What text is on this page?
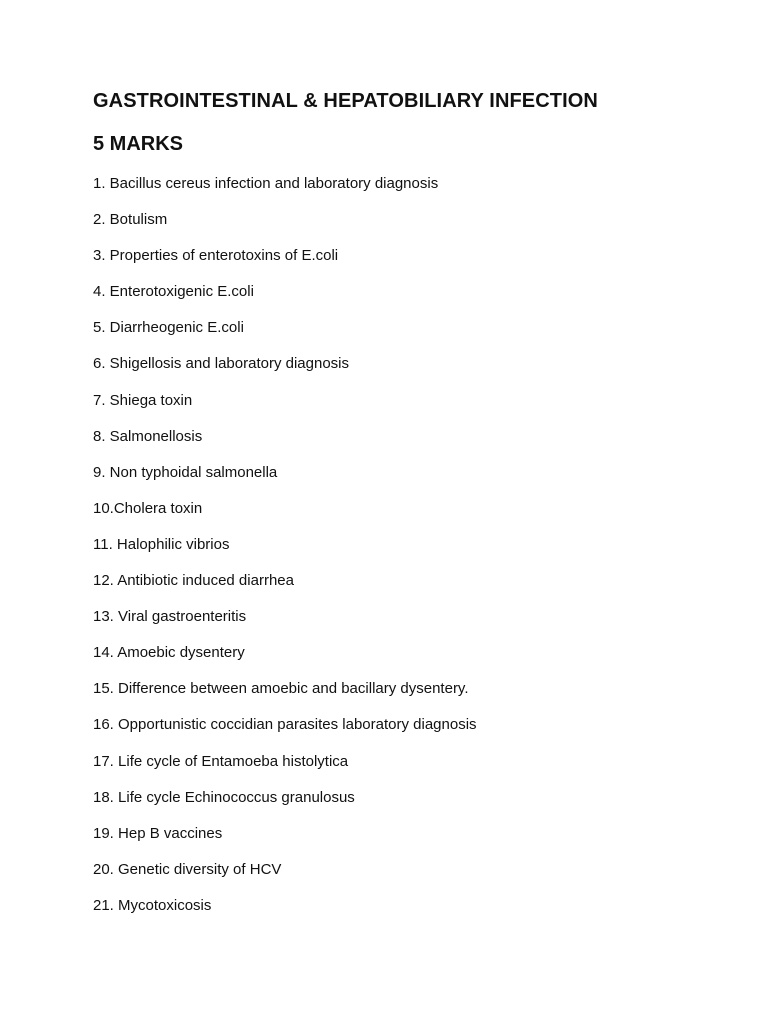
GASTROINTESTINAL & HEPATOBILIARY INFECTION
5 MARKS
1. Bacillus cereus infection and laboratory diagnosis
2. Botulism
3. Properties of enterotoxins of E.coli
4. Enterotoxigenic E.coli
5. Diarrheogenic E.coli
6. Shigellosis and laboratory diagnosis
7. Shiega toxin
8. Salmonellosis
9. Non typhoidal salmonella
10.Cholera toxin
11. Halophilic vibrios
12. Antibiotic induced diarrhea
13. Viral gastroenteritis
14. Amoebic dysentery
15. Difference between amoebic and bacillary dysentery.
16. Opportunistic coccidian parasites laboratory diagnosis
17. Life cycle of Entamoeba histolytica
18. Life cycle Echinococcus granulosus
19. Hep B vaccines
20. Genetic diversity of HCV
21. Mycotoxicosis
